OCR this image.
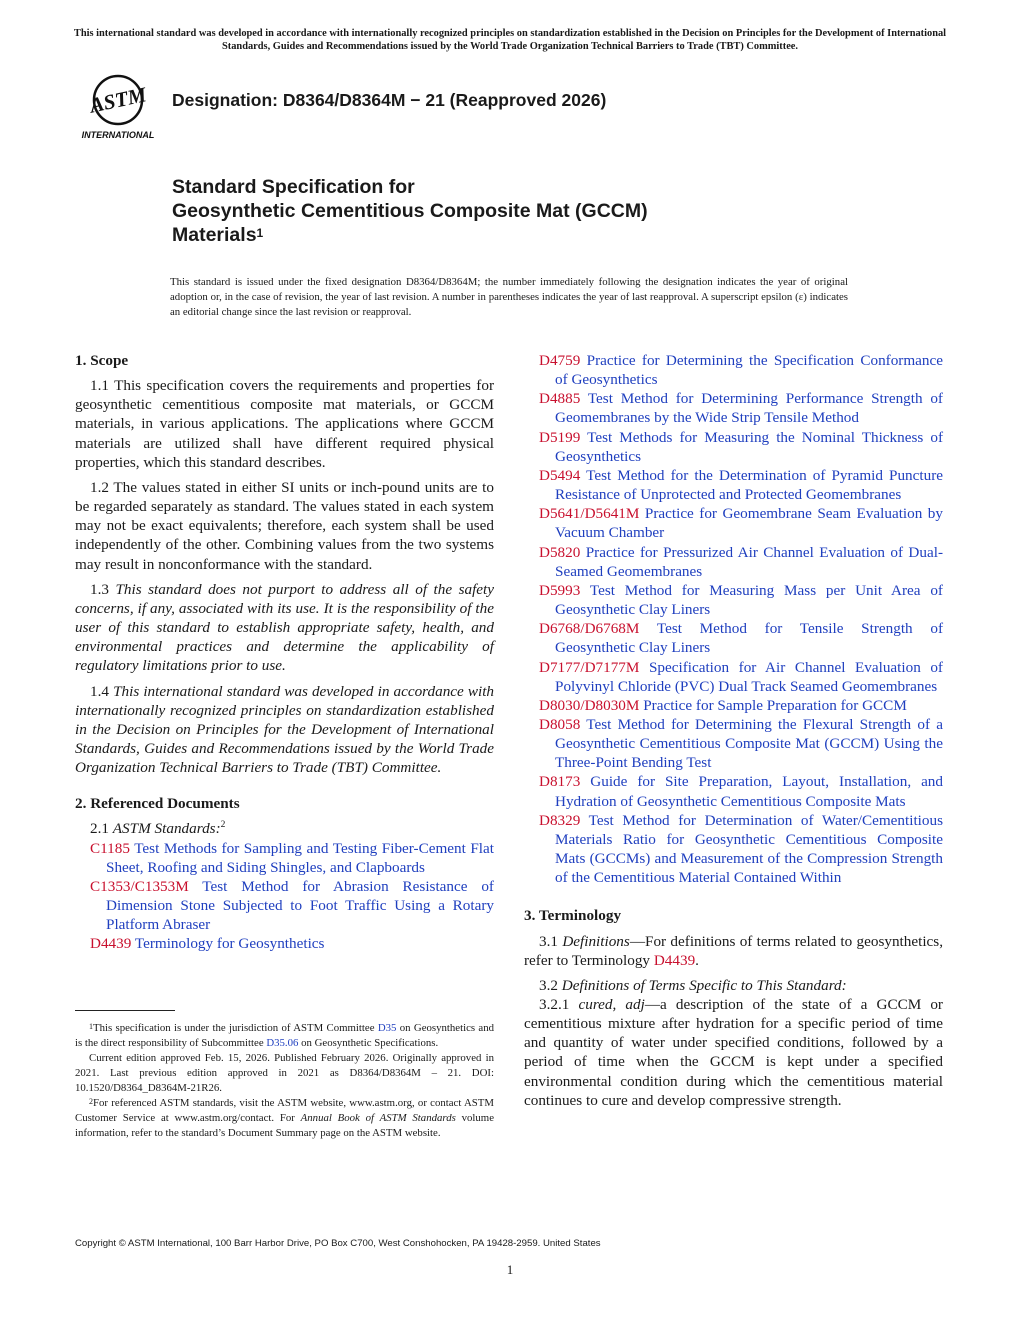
This international standard was developed in accordance with internationally recognized principles on standardization established in the Decision on Principles for the Development of International Standards, Guides and Recommendations issued by the World Trade Organization Technical Barriers to Trade (TBT) Committee.
ASTM
INTERNATIONAL
Designation: D8364/D8364M − 21 (Reapproved 2026)
Standard Specification for
Geosynthetic Cementitious Composite Mat (GCCM)
Materials$^1$
This standard is issued under the fixed designation D8364/D8364M; the number immediately following the designation indicates the year of original adoption or, in the case of revision, the year of last revision. A number in parentheses indicates the year of last reapproval. A superscript epsilon (ε) indicates an editorial change since the last revision or reapproval.
1. Scope

1.1 This specification covers the requirements and properties for geosynthetic cementitious composite mat materials, or GCCM materials, in various applications. The applications where GCCM materials are utilized shall have different required physical properties, which this standard describes.

1.2 The values stated in either SI units or inch-pound units are to be regarded separately as standard. The values stated in each system may not be exact equivalents; therefore, each system shall be used independently of the other. Combining values from the two systems may result in nonconformance with the standard.

1.3 This standard does not purport to address all of the safety concerns, if any, associated with its use. It is the responsibility of the user of this standard to establish appropriate safety, health, and environmental practices and determine the applicability of regulatory limitations prior to use.

1.4 This international standard was developed in accordance with internationally recognized principles on standardization established in the Decision on Principles for the Development of International Standards, Guides and Recommendations issued by the World Trade Organization Technical Barriers to Trade (TBT) Committee.

2. Referenced Documents

2.1 ASTM Standards:$^2$

C1185 Test Methods for Sampling and Testing Fiber-Cement Flat Sheet, Roofing and Siding Shingles, and Clapboards

C1353/C1353M Test Method for Abrasion Resistance of Dimension Stone Subjected to Foot Traffic Using a Rotary Platform Abraser

D4439 Terminology for Geosynthetics

D4759 Practice for Determining the Specification Conformance of Geosynthetics

D4885 Test Method for Determining Performance Strength of Geomembranes by the Wide Strip Tensile Method

D5199 Test Methods for Measuring the Nominal Thickness of Geosynthetics

D5494 Test Method for the Determination of Pyramid Puncture Resistance of Unprotected and Protected Geomembranes

D5641/D5641M Practice for Geomembrane Seam Evaluation by Vacuum Chamber

D5820 Practice for Pressurized Air Channel Evaluation of Dual-Seamed Geomembranes

D5993 Test Method for Measuring Mass per Unit Area of Geosynthetic Clay Liners

D6768/D6768M Test Method for Tensile Strength of Geosynthetic Clay Liners

D7177/D7177M Specification for Air Channel Evaluation of Polyvinyl Chloride (PVC) Dual Track Seamed Geomembranes

D8030/D8030M Practice for Sample Preparation for GCCM

D8058 Test Method for Determining the Flexural Strength of a Geosynthetic Cementitious Composite Mat (GCCM) Using the Three-Point Bending Test

D8173 Guide for Site Preparation, Layout, Installation, and Hydration of Geosynthetic Cementitious Composite Mats

D8329 Test Method for Determination of Water/Cementitious Materials Ratio for Geosynthetic Cementitious Composite Mats (GCCMs) and Measurement of the Compression Strength of the Cementitious Material Contained Within

3. Terminology

3.1 Definitions—For definitions of terms related to geosynthetics, refer to Terminology D4439.

3.2 Definitions of Terms Specific to This Standard:

3.2.1 cured, adj—a description of the state of a GCCM or cementitious mixture after hydration for a specific period of time and quantity of water under specified conditions, followed by a period of time when the GCCM is kept under a specified environmental condition during which the cementitious material continues to cure and develop compressive strength.

$^1$This specification is under the jurisdiction of ASTM Committee D35 on Geosynthetics and is the direct responsibility of Subcommittee D35.06 on Geosynthetic Specifications.

Current edition approved Feb. 15, 2026. Published February 2026. Originally approved in 2021. Last previous edition approved in 2021 as D8364/D8364M – 21. DOI: 10.1520/D8364_D8364M-21R26.

$^2$For referenced ASTM standards, visit the ASTM website, www.astm.org, or contact ASTM Customer Service at www.astm.org/contact. For Annual Book of ASTM Standards volume information, refer to the standard’s Document Summary page on the ASTM website.

Copyright © ASTM International, 100 Barr Harbor Drive, PO Box C700, West Conshohocken, PA 19428-2959. United States
1
